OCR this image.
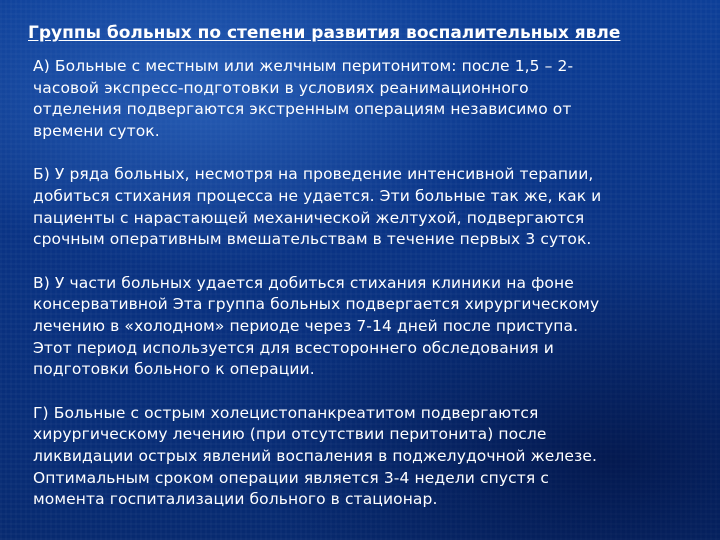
Группы больных по степени развития воспалительных явле

А) Больные с местным или желчным перитонитом: после 1,5 – 2-
часовой экспресс-подготовки в условиях реанимационного
отделения подвергаются экстренным операциям независимо от
времени суток.

Б) У ряда больных, несмотря на проведение интенсивной терапии,
добиться стихания процесса не удается. Эти больные так же, как и
пациенты с нарастающей механической желтухой, подвергаются
срочным оперативным вмешательствам в течение первых 3 суток.

В) У части больных удается добиться стихания клиники на фоне
консервативной Эта группа больных подвергается хирургическому
лечению в «холодном» периоде через 7-14 дней после приступа.
Этот период используется для всестороннего обследования и
подготовки больного к операции.

Г) Больные с острым холецистопанкреатитом подвергаются
хирургическому лечению (при отсутствии перитонита) после
ликвидации острых явлений воспаления в поджелудочной железе.
Оптимальным сроком операции является 3-4 недели спустя с
момента госпитализации больного в стационар.
